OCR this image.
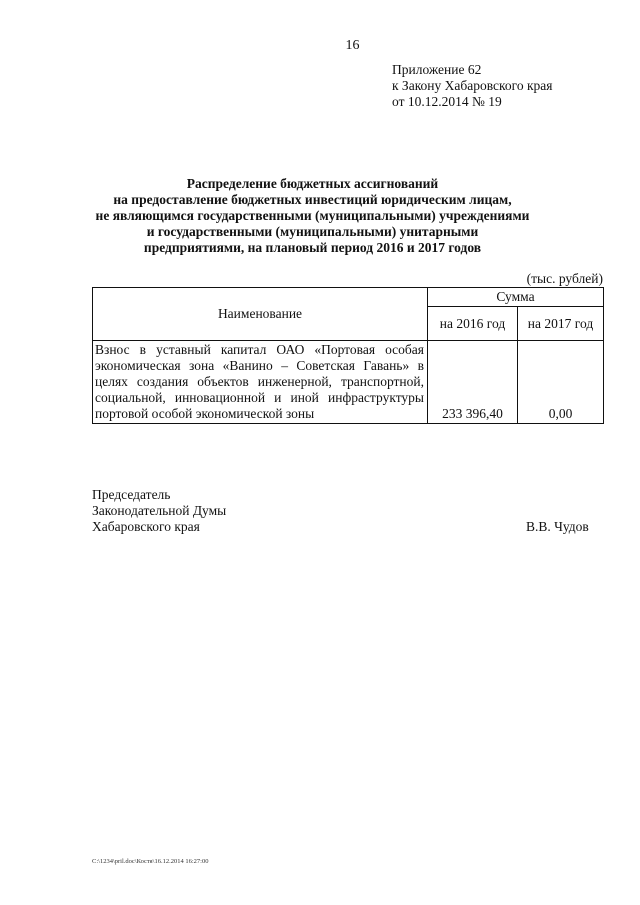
16
Приложение 62
к Закону Хабаровского края
от 10.12.2014 № 19
Распределение бюджетных ассигнований
на предоставление бюджетных инвестиций юридическим лицам,
не являющимся государственными (муниципальными) учреждениями
и государственными (муниципальными) унитарными
предприятиями, на плановый период 2016 и 2017 годов
(тыс. рублей)
Наименование	Сумма	
	на 2016 год	на 2017 год
Взнос в уставный капитал ОАО «Портовая особая экономическая зона «Ванино – Советская Гавань» в целях создания объектов инженерной, транспортной, социальной, инновационной и иной инфраструктуры портовой особой экономической зоны	233 396,40	0,00
Председатель
Законодательной Думы
Хабаровского края	В.В. Чудов
C:\1234\pril.doc\Костя\16.12.2014 16:27:00
